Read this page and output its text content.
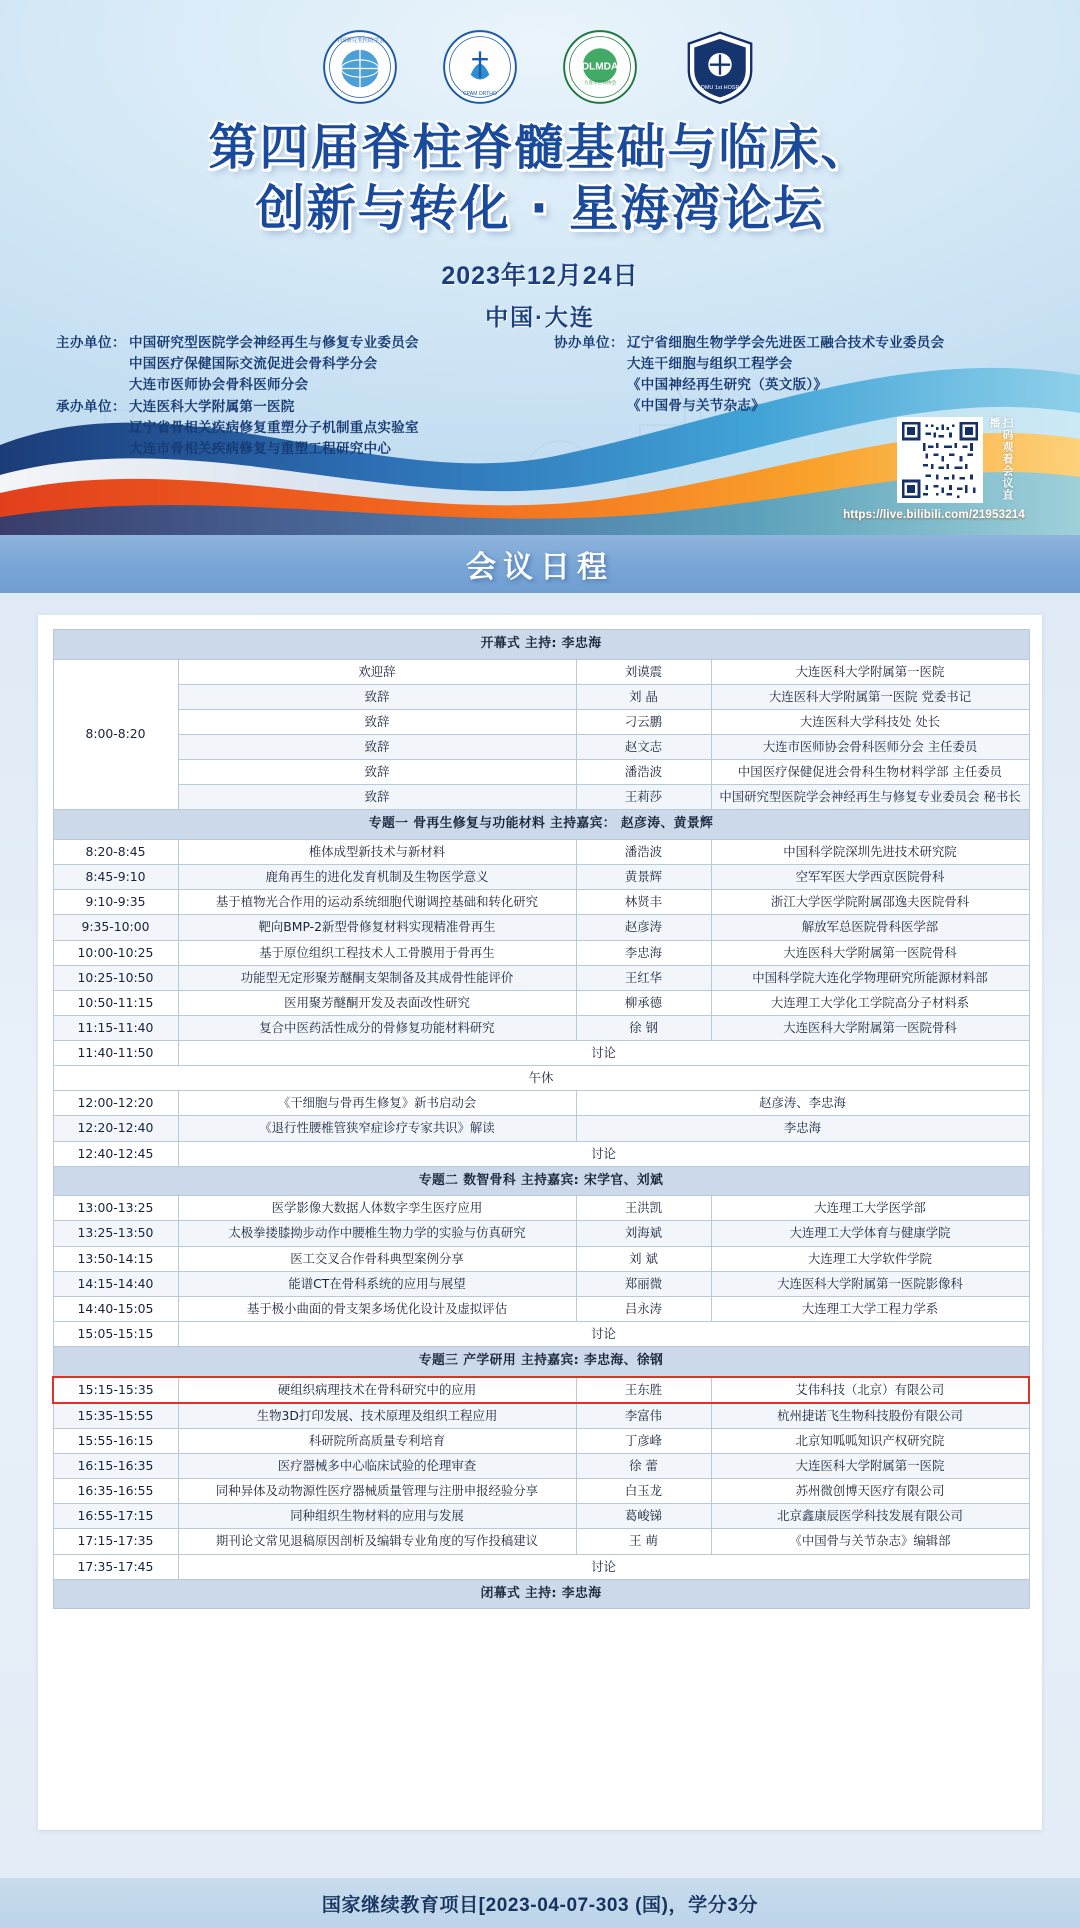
中国研究型医院学会
CPAM ORTHO
DLMDA
大连市医师协会
DMU 1st HOSP
第四届脊柱脊髓基础与临床、
创新与转化 · 星海湾论坛
2023年12月24日
中国·大连
主办单位： 中国研究型医院学会神经再生与修复专业委员会
中国医疗保健国际交流促进会骨科学分会
大连市医师协会骨科医师分会
承办单位： 大连医科大学附属第一医院
辽宁省骨相关疾病修复重塑分子机制重点实验室
大连市骨相关疾病修复与重塑工程研究中心
协办单位： 辽宁省细胞生物学学会先进医工融合技术专业委员会
大连干细胞与组织工程学会
《中国神经再生研究（英文版）》
《中国骨与关节杂志》
扫码观看会议直播
https://live.bilibili.com/21953214
会议日程
开幕式 主持: 李忠海			
8:00-8:20	欢迎辞	刘谟震	大连医科大学附属第一医院
	致辞	刘 晶	大连医科大学附属第一医院 党委书记
	致辞	刁云鹏	大连医科大学科技处 处长
	致辞	赵文志	大连市医师协会骨科医师分会 主任委员
	致辞	潘浩波	中国医疗保健促进会骨科生物材料学部 主任委员
	致辞	王莉莎	中国研究型医院学会神经再生与修复专业委员会 秘书长
专题一 骨再生修复与功能材料 主持嘉宾： 赵彦涛、黄景辉			
8:20-8:45	椎体成型新技术与新材料	潘浩波	中国科学院深圳先进技术研究院
8:45-9:10	鹿角再生的进化发育机制及生物医学意义	黄景辉	空军军医大学西京医院骨科
9:10-9:35	基于植物光合作用的运动系统细胞代谢调控基础和转化研究	林贤丰	浙江大学医学院附属邵逸夫医院骨科
9:35-10:00	靶向BMP-2新型骨修复材料实现精准骨再生	赵彦涛	解放军总医院骨科医学部
10:00-10:25	基于原位组织工程技术人工骨膜用于骨再生	李忠海	大连医科大学附属第一医院骨科
10:25-10:50	功能型无定形聚芳醚酮支架制备及其成骨性能评价	王红华	中国科学院大连化学物理研究所能源材料部
10:50-11:15	医用聚芳醚酮开发及表面改性研究	柳承德	大连理工大学化工学院高分子材料系
11:15-11:40	复合中医药活性成分的骨修复功能材料研究	徐 钢	大连医科大学附属第一医院骨科
11:40-11:50	讨论		
午休			
12:00-12:20	《干细胞与骨再生修复》新书启动会	赵彦涛、李忠海	
12:20-12:40	《退行性腰椎管狭窄症诊疗专家共识》解读	李忠海	
12:40-12:45	讨论		
专题二 数智骨科 主持嘉宾: 宋学官、刘斌			
13:00-13:25	医学影像大数据人体数字孪生医疗应用	王洪凯	大连理工大学医学部
13:25-13:50	太极拳搂膝拗步动作中腰椎生物力学的实验与仿真研究	刘海斌	大连理工大学体育与健康学院
13:50-14:15	医工交叉合作骨科典型案例分享	刘 斌	大连理工大学软件学院
14:15-14:40	能谱CT在骨科系统的应用与展望	郑丽微	大连医科大学附属第一医院影像科
14:40-15:05	基于极小曲面的骨支架多场优化设计及虚拟评估	吕永涛	大连理工大学工程力学系
15:05-15:15	讨论		
专题三 产学研用 主持嘉宾: 李忠海、徐钢			
15:15-15:35	硬组织病理技术在骨科研究中的应用	王东胜	艾伟科技（北京）有限公司
15:35-15:55	生物3D打印发展、技术原理及组织工程应用	李富伟	杭州捷诺飞生物科技股份有限公司
15:55-16:15	科研院所高质量专利培育	丁彦峰	北京知呱呱知识产权研究院
16:15-16:35	医疗器械多中心临床试验的伦理审查	徐 蕾	大连医科大学附属第一医院
16:35-16:55	同种异体及动物源性医疗器械质量管理与注册申报经验分享	白玉龙	苏州微创博天医疗有限公司
16:55-17:15	同种组织生物材料的应用与发展	葛峻锑	北京鑫康辰医学科技发展有限公司
17:15-17:35	期刊论文常见退稿原因剖析及编辑专业角度的写作投稿建议	王 萌	《中国骨与关节杂志》编辑部
17:35-17:45	讨论		
闭幕式 主持: 李忠海			
国家继续教育项目[2023-04-07-303 (国)，学分3分
